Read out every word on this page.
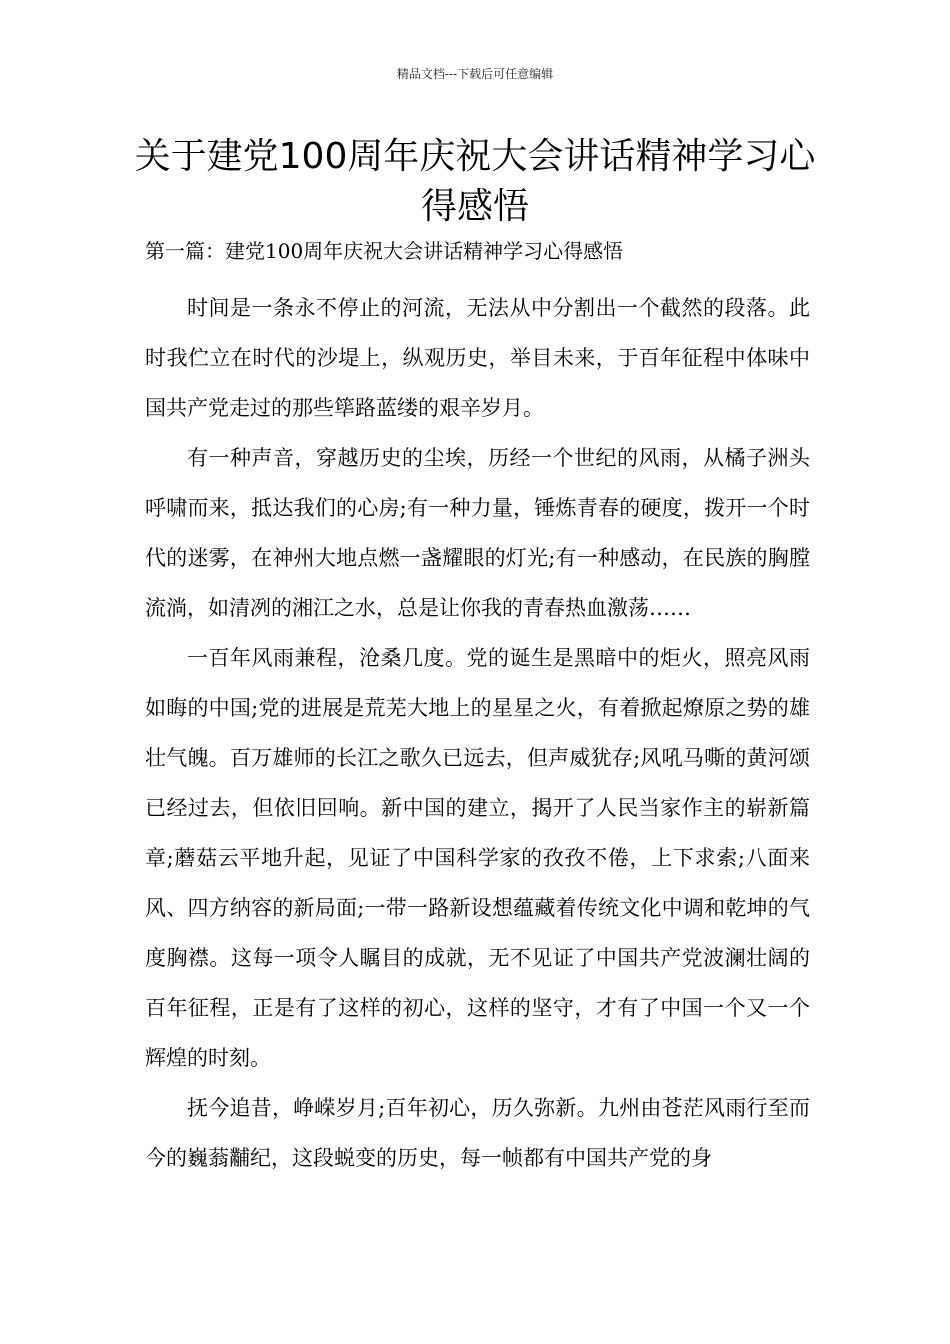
精品文档---下载后可任意编辑
关于建党100周年庆祝大会讲话精神学习心得感悟
第一篇：建党100周年庆祝大会讲话精神学习心得感悟

时间是一条永不停止的河流，无法从中分割出一个截然的段落。此时我伫立在时代的沙堤上，纵观历史，举目未来，于百年征程中体味中国共产党走过的那些筚路蓝缕的艰辛岁月。

有一种声音，穿越历史的尘埃，历经一个世纪的风雨，从橘子洲头呼啸而来，抵达我们的心房;有一种力量，锤炼青春的硬度，拨开一个时代的迷雾，在神州大地点燃一盏耀眼的灯光;有一种感动，在民族的胸膛流淌，如清冽的湘江之水，总是让你我的青春热血激荡……

一百年风雨兼程，沧桑几度。党的诞生是黑暗中的炬火，照亮风雨如晦的中国;党的进展是荒芜大地上的星星之火，有着掀起燎原之势的雄壮气魄。百万雄师的长江之歌久已远去，但声威犹存;风吼马嘶的黄河颂已经过去，但依旧回响。新中国的建立，揭开了人民当家作主的崭新篇章;蘑菇云平地升起，见证了中国科学家的孜孜不倦，上下求索;八面来风、四方纳容的新局面;一带一路新设想蕴藏着传统文化中调和乾坤的气度胸襟。这每一项令人瞩目的成就，无不见证了中国共产党波澜壮阔的百年征程，正是有了这样的初心，这样的坚守，才有了中国一个又一个辉煌的时刻。

抚今追昔，峥嵘岁月;百年初心，历久弥新。九州由苍茫风雨行至而今的巍蓊黼纪，这段蜕变的历史，每一帧都有中国共产党的身
